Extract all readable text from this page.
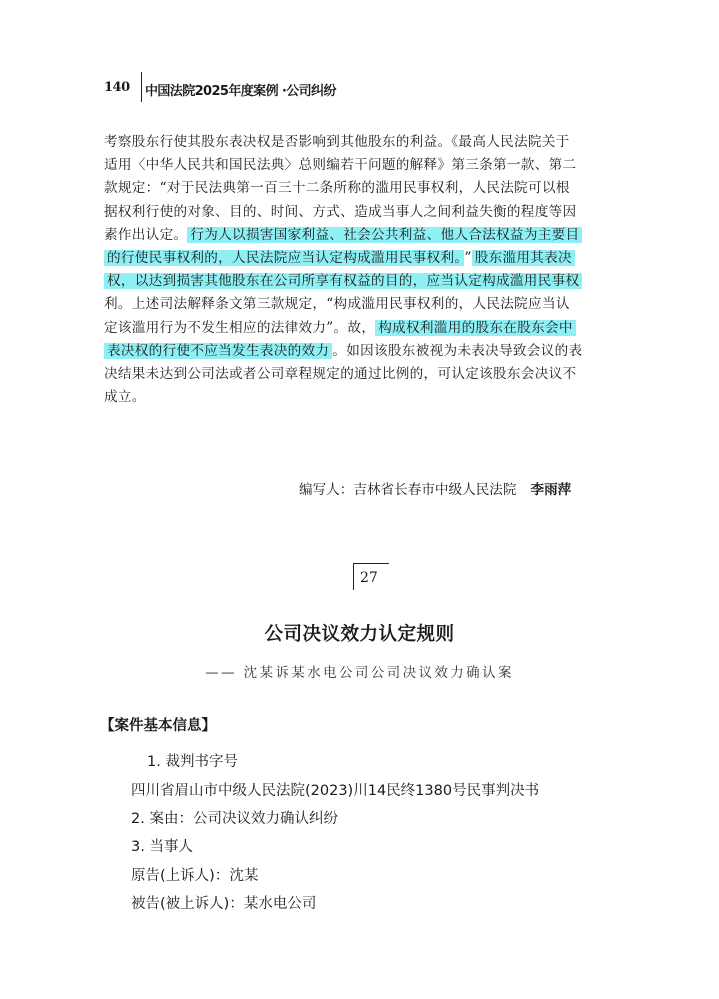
140 中国法院2025年度案例 ·公司纠纷
考察股东行使其股东表决权是否影响到其他股东的利益。《最高人民法院关于
适用〈中华人民共和国民法典〉总则编若干问题的解释》第三条第一款、第二
款规定：“对于民法典第一百三十二条所称的滥用民事权利，人民法院可以根
据权利行使的对象、目的、时间、方式、造成当事人之间利益失衡的程度等因
素作出认定。 行为人以损害国家利益、社会公共利益、他人合法权益为主要目
的行使民事权利的，人民法院应当认定构成滥用民事权利。 ” 股东滥用其表决
权，以达到损害其他股东在公司所享有权益的目的，应当认定构成滥用民事权
利。上述司法解释条文第三款规定，“构成滥用民事权利的，人民法院应当认
定该滥用行为不发生相应的法律效力”。故， 构成权利滥用的股东在股东会中
表决权的行使不应当发生表决的效力 。如因该股东被视为未表决导致会议的表
决结果未达到公司法或者公司章程规定的通过比例的，可认定该股东会决议不
成立。
编写人：吉林省长春市中级人民法院 李雨萍
27
公司决议效力认定规则
—— 沈某诉某水电公司公司决议效力确认案
【案件基本信息】
1. 裁判书字号
四川省眉山市中级人民法院(2023)川14民终1380号民事判决书
2. 案由：公司决议效力确认纠纷
3. 当事人
原告(上诉人)：沈某
被告(被上诉人)：某水电公司
